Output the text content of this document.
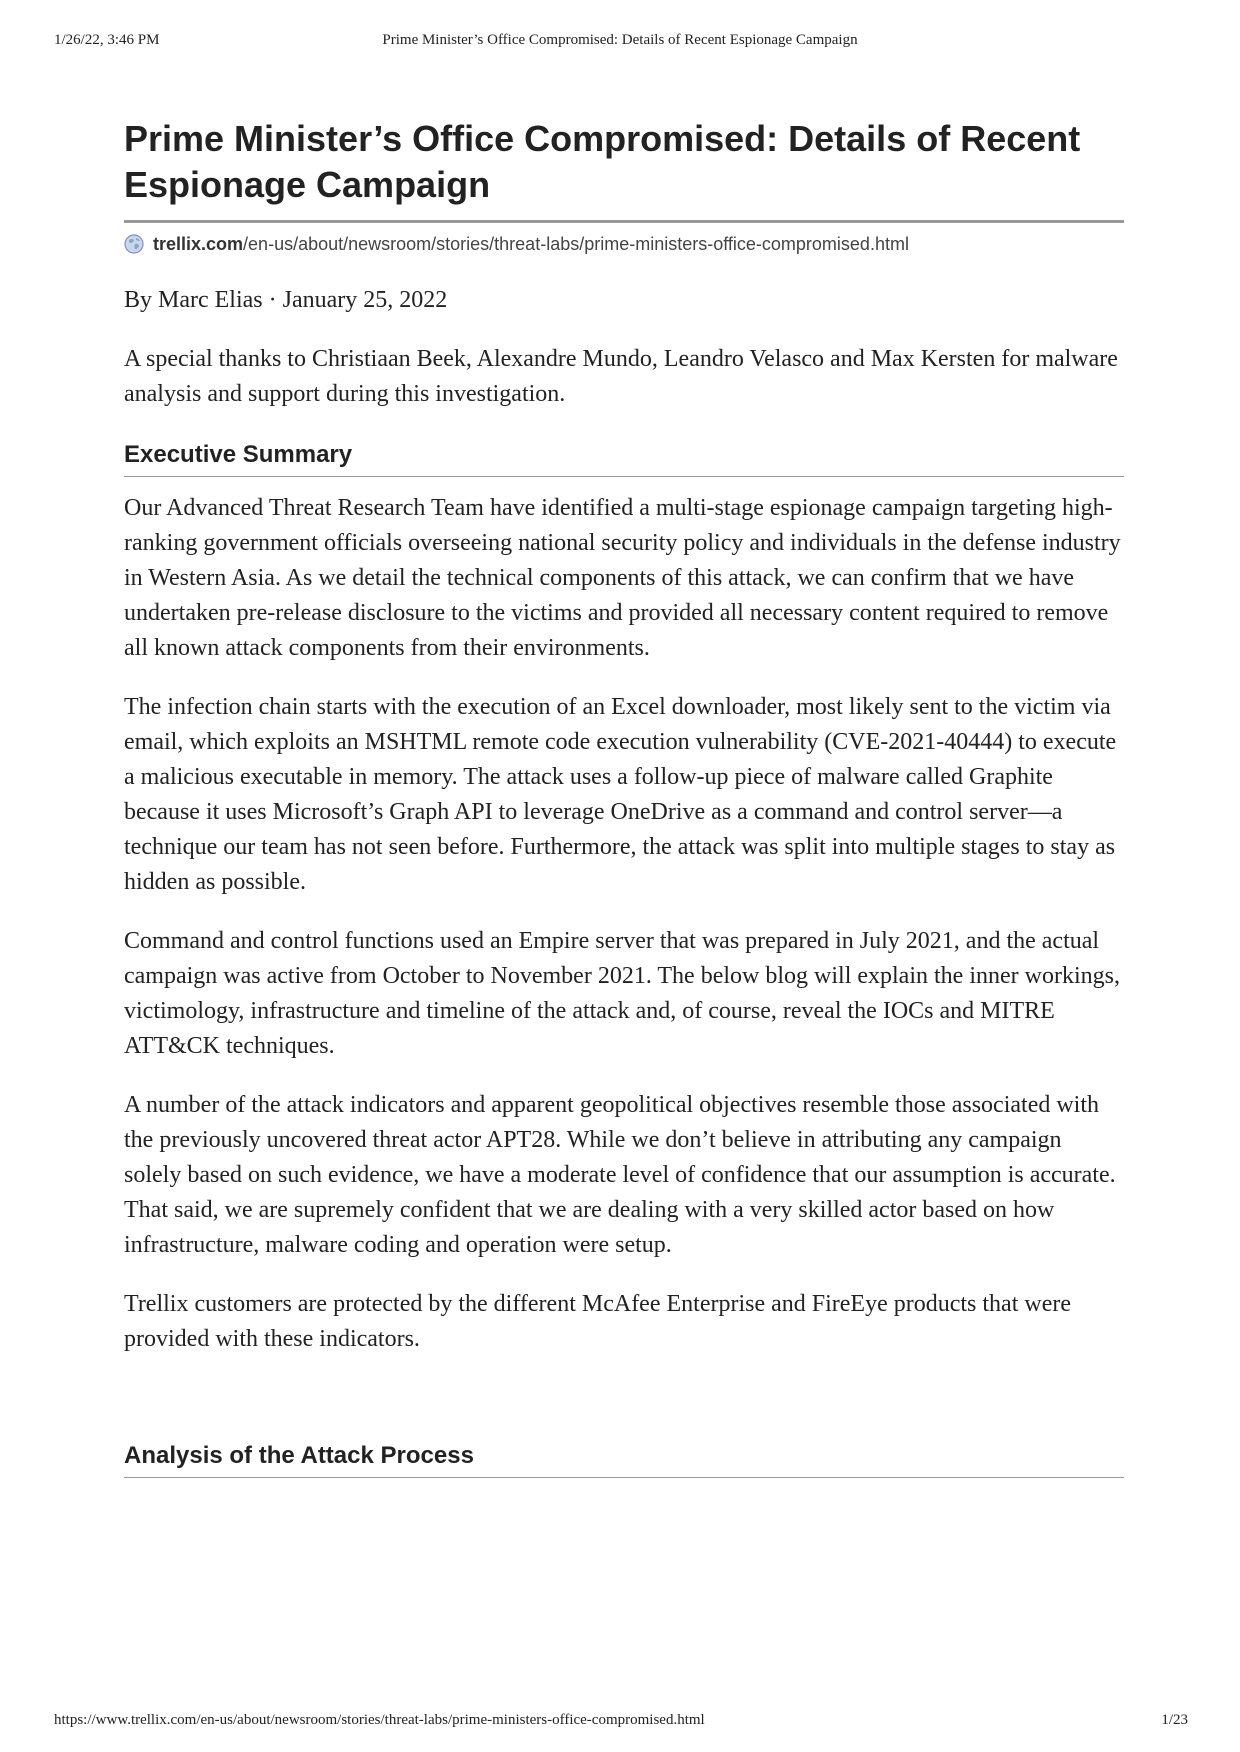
1/26/22, 3:46 PM	Prime Minister’s Office Compromised: Details of Recent Espionage Campaign
Prime Minister’s Office Compromised: Details of Recent Espionage Campaign
trellix.com /en-us/about/newsroom/stories/threat-labs/prime-ministers-office-compromised.html

By Marc Elias · January 25, 2022

A special thanks to Christiaan Beek, Alexandre Mundo, Leandro Velasco and Max Kersten for malware analysis and support during this investigation.

Executive Summary

Our Advanced Threat Research Team have identified a multi-stage espionage campaign targeting high-ranking government officials overseeing national security policy and individuals in the defense industry in Western Asia. As we detail the technical components of this attack, we can confirm that we have undertaken pre-release disclosure to the victims and provided all necessary content required to remove all known attack components from their environments.

The infection chain starts with the execution of an Excel downloader, most likely sent to the victim via email, which exploits an MSHTML remote code execution vulnerability (CVE-2021-40444) to execute a malicious executable in memory. The attack uses a follow-up piece of malware called Graphite because it uses Microsoft’s Graph API to leverage OneDrive as a command and control server—a technique our team has not seen before. Furthermore, the attack was split into multiple stages to stay as hidden as possible.

Command and control functions used an Empire server that was prepared in July 2021, and the actual campaign was active from October to November 2021. The below blog will explain the inner workings, victimology, infrastructure and timeline of the attack and, of course, reveal the IOCs and MITRE ATT&CK techniques.

A number of the attack indicators and apparent geopolitical objectives resemble those associated with the previously uncovered threat actor APT28. While we don’t believe in attributing any campaign solely based on such evidence, we have a moderate level of confidence that our assumption is accurate. That said, we are supremely confident that we are dealing with a very skilled actor based on how infrastructure, malware coding and operation were setup.

Trellix customers are protected by the different McAfee Enterprise and FireEye products that were provided with these indicators.

Analysis of the Attack Process
https://www.trellix.com/en-us/about/newsroom/stories/threat-labs/prime-ministers-office-compromised.html	1/23
